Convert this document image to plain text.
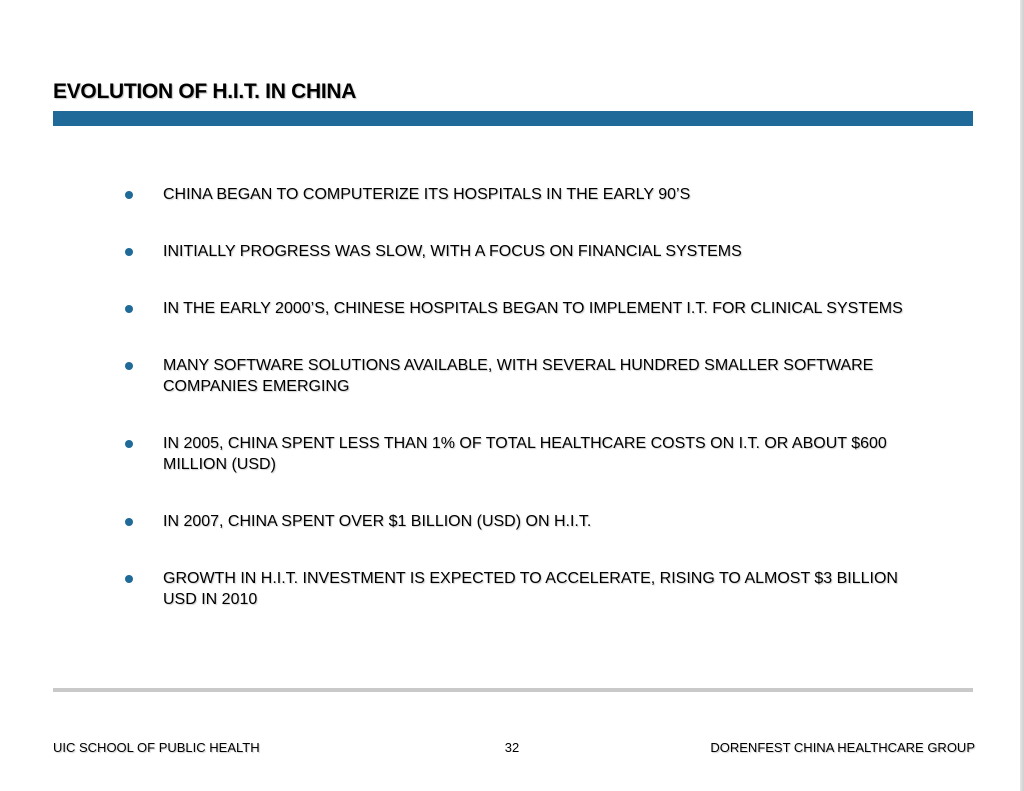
EVOLUTION OF H.I.T. IN CHINA
CHINA BEGAN TO COMPUTERIZE ITS HOSPITALS IN THE EARLY 90’S
INITIALLY PROGRESS WAS SLOW, WITH A FOCUS ON FINANCIAL SYSTEMS
IN THE EARLY 2000’S, CHINESE HOSPITALS BEGAN TO IMPLEMENT I.T. FOR CLINICAL SYSTEMS
MANY SOFTWARE SOLUTIONS AVAILABLE, WITH SEVERAL HUNDRED SMALLER SOFTWARE COMPANIES EMERGING
IN 2005, CHINA SPENT LESS THAN 1% OF TOTAL HEALTHCARE COSTS ON I.T. OR ABOUT $600 MILLION (USD)
IN 2007, CHINA SPENT OVER $1 BILLION (USD) ON H.I.T.
GROWTH IN H.I.T. INVESTMENT IS EXPECTED TO ACCELERATE, RISING TO ALMOST $3 BILLION USD IN 2010
UIC SCHOOL OF PUBLIC HEALTH	32	DORENFEST CHINA HEALTHCARE GROUP
